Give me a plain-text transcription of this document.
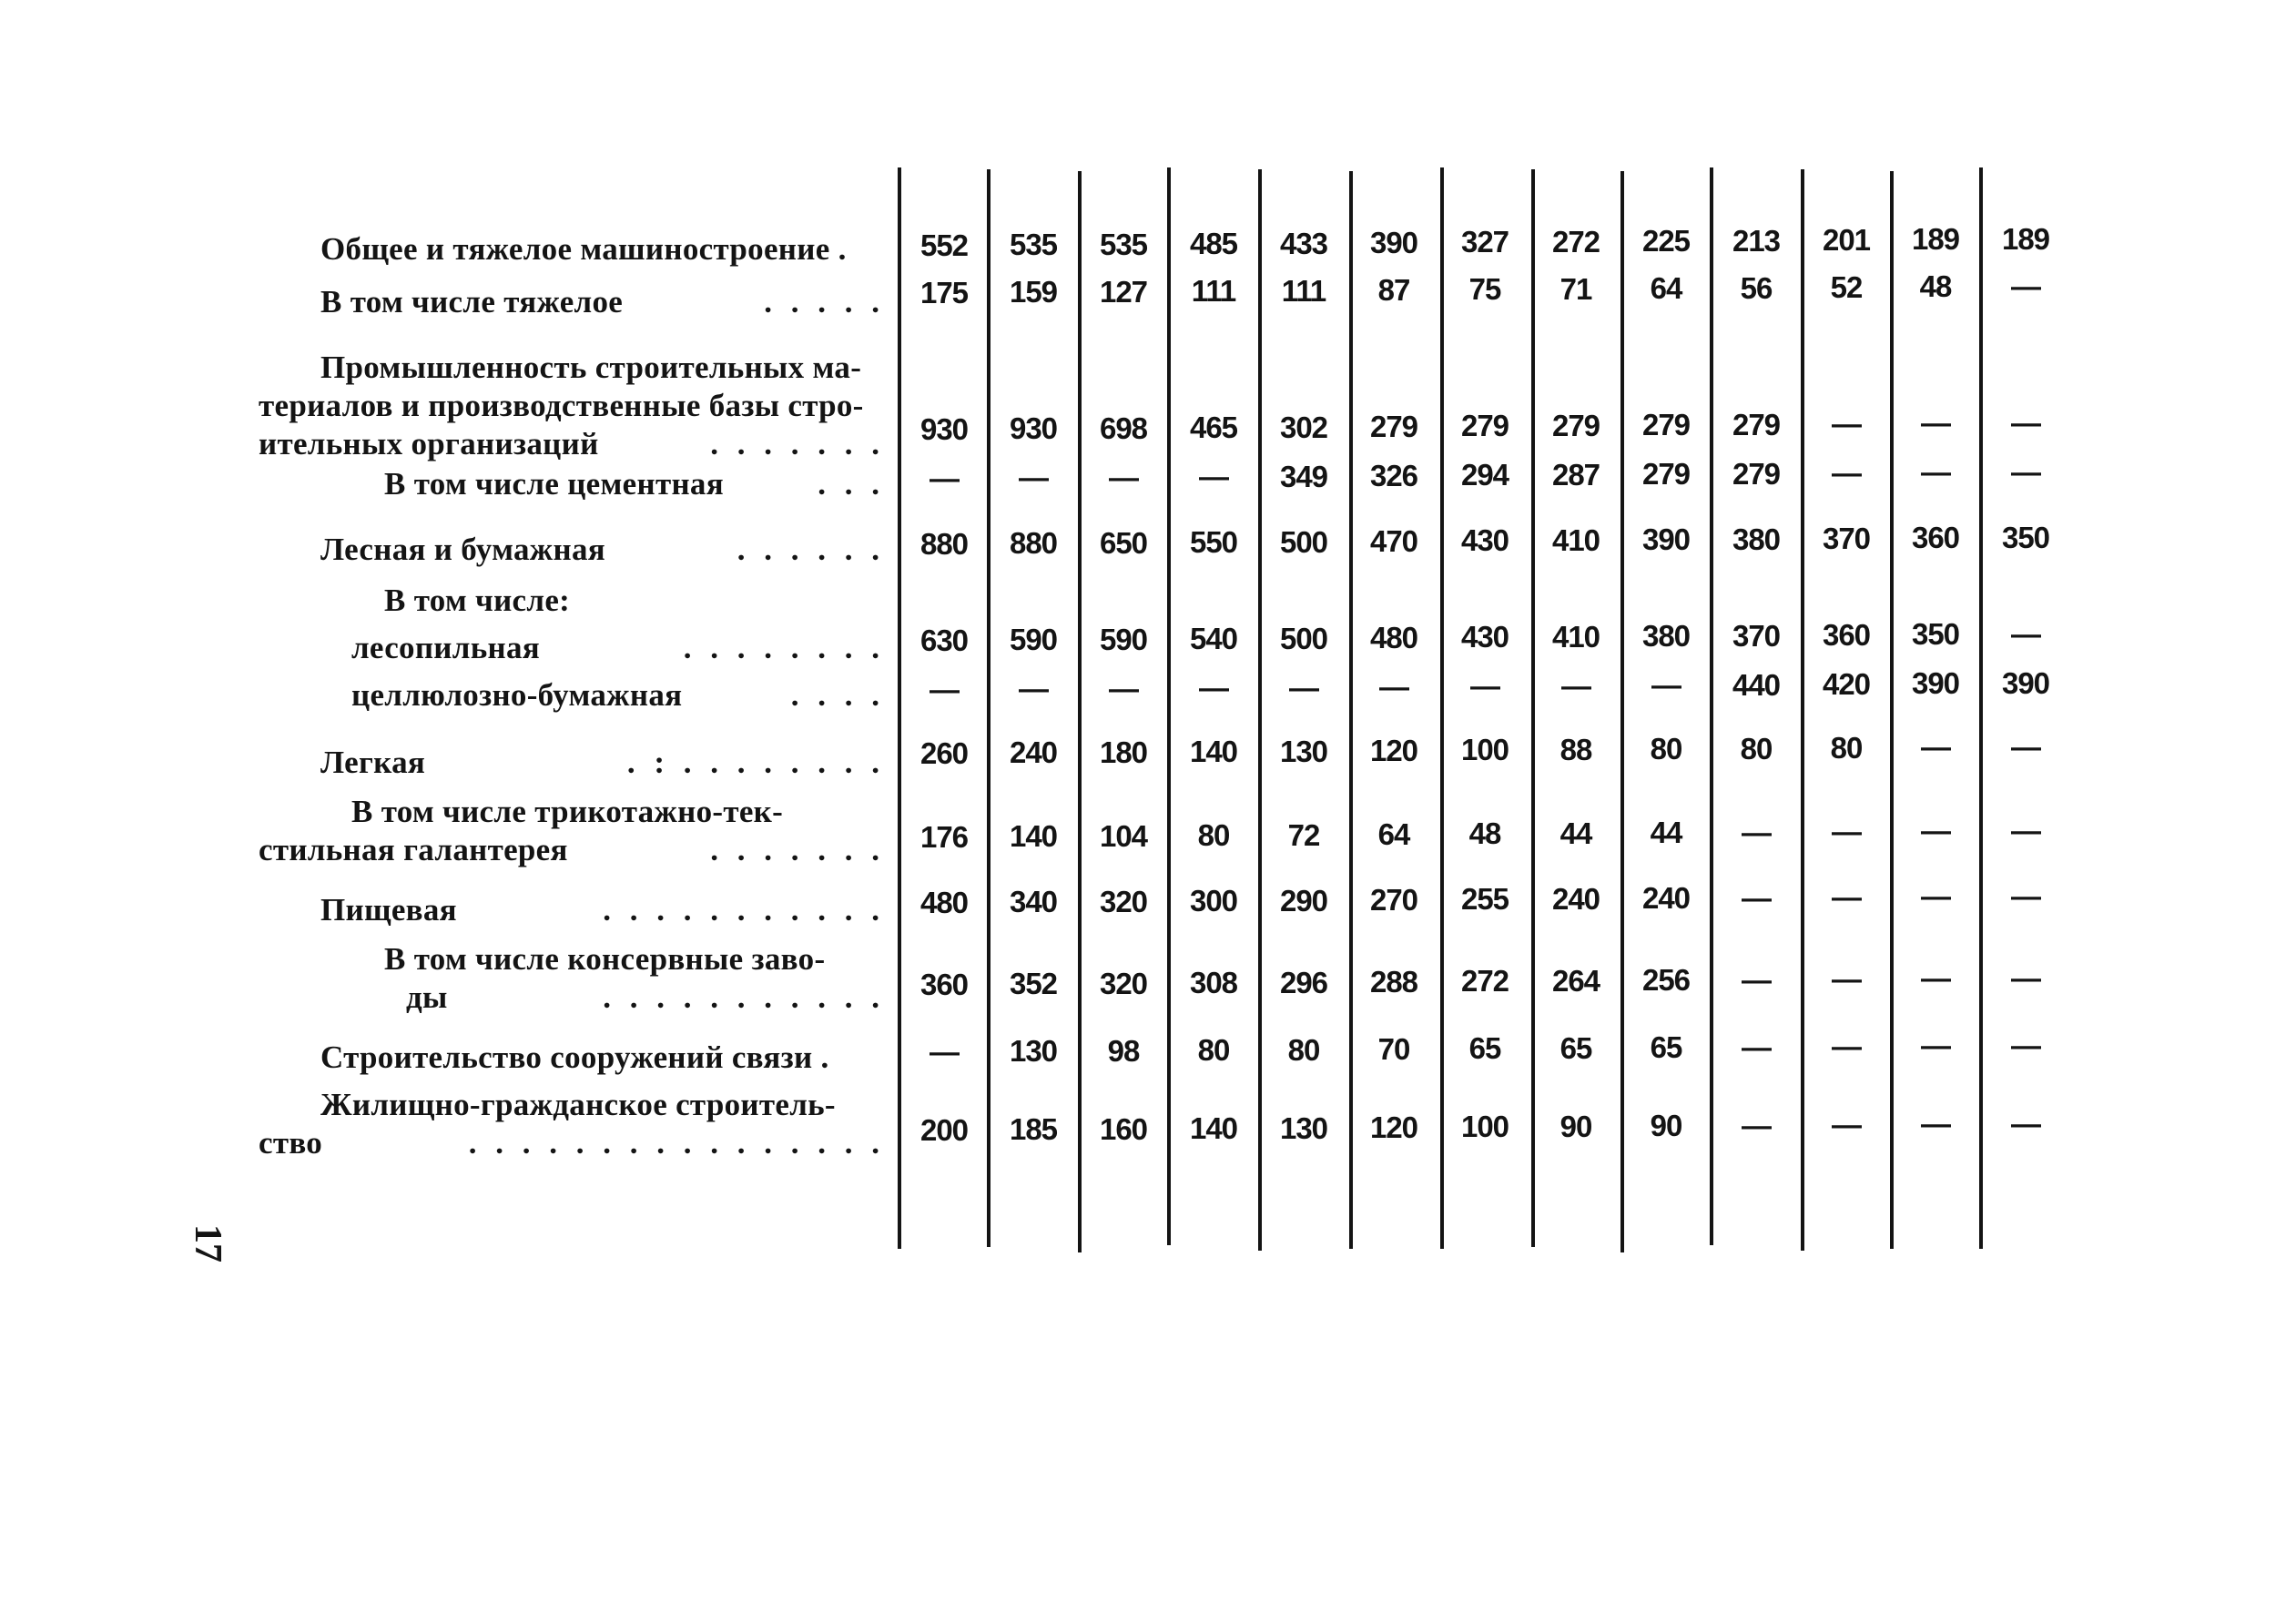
17
Общее и тяжелое машиностроение .	552	535	535	485	433	390	327	272	225	213	201	189	189
В том числе тяжелое	. . . . .	175	159	127	111	111	87	75	71	64	56	52	48	—
Промышленность строительных ма-
териалов и производственные базы стро-
ительных организаций	. . . . . . .	930	930	698	465	302	279	279	279	279	279	—	—	—
В том числе цементная	. . .	—	—	—	—	349	326	294	287	279	279	—	—	—
Лесная и бумажная	. . . . . .	880	880	650	550	500	470	430	410	390	380	370	360	350
В том числе:
лесопильная	. . . . . . . .	630	590	590	540	500	480	430	410	380	370	360	350	—
целлюлозно-бумажная	. . . .	—	—	—	—	—	—	—	—	—	440	420	390	390
Легкая	. : . . . . . . . .	260	240	180	140	130	120	100	88	80	80	80	—	—
В том числе трикотажно-тек-
стильная галантерея	. . . . . . .	176	140	104	80	72	64	48	44	44	—	—	—	—
Пищевая	. . . . . . . . . . .	480	340	320	300	290	270	255	240	240	—	—	—	—
В том числе консервные заво-
ды	. . . . . . . . . . .	360	352	320	308	296	288	272	264	256	—	—	—	—
Строительство сооружений связи .	—	130	98	80	80	70	65	65	65	—	—	—	—
Жилищно-гражданское строитель-
ство	. . . . . . . . . . . . . . . .	200	185	160	140	130	120	100	90	90	—	—	—	—
